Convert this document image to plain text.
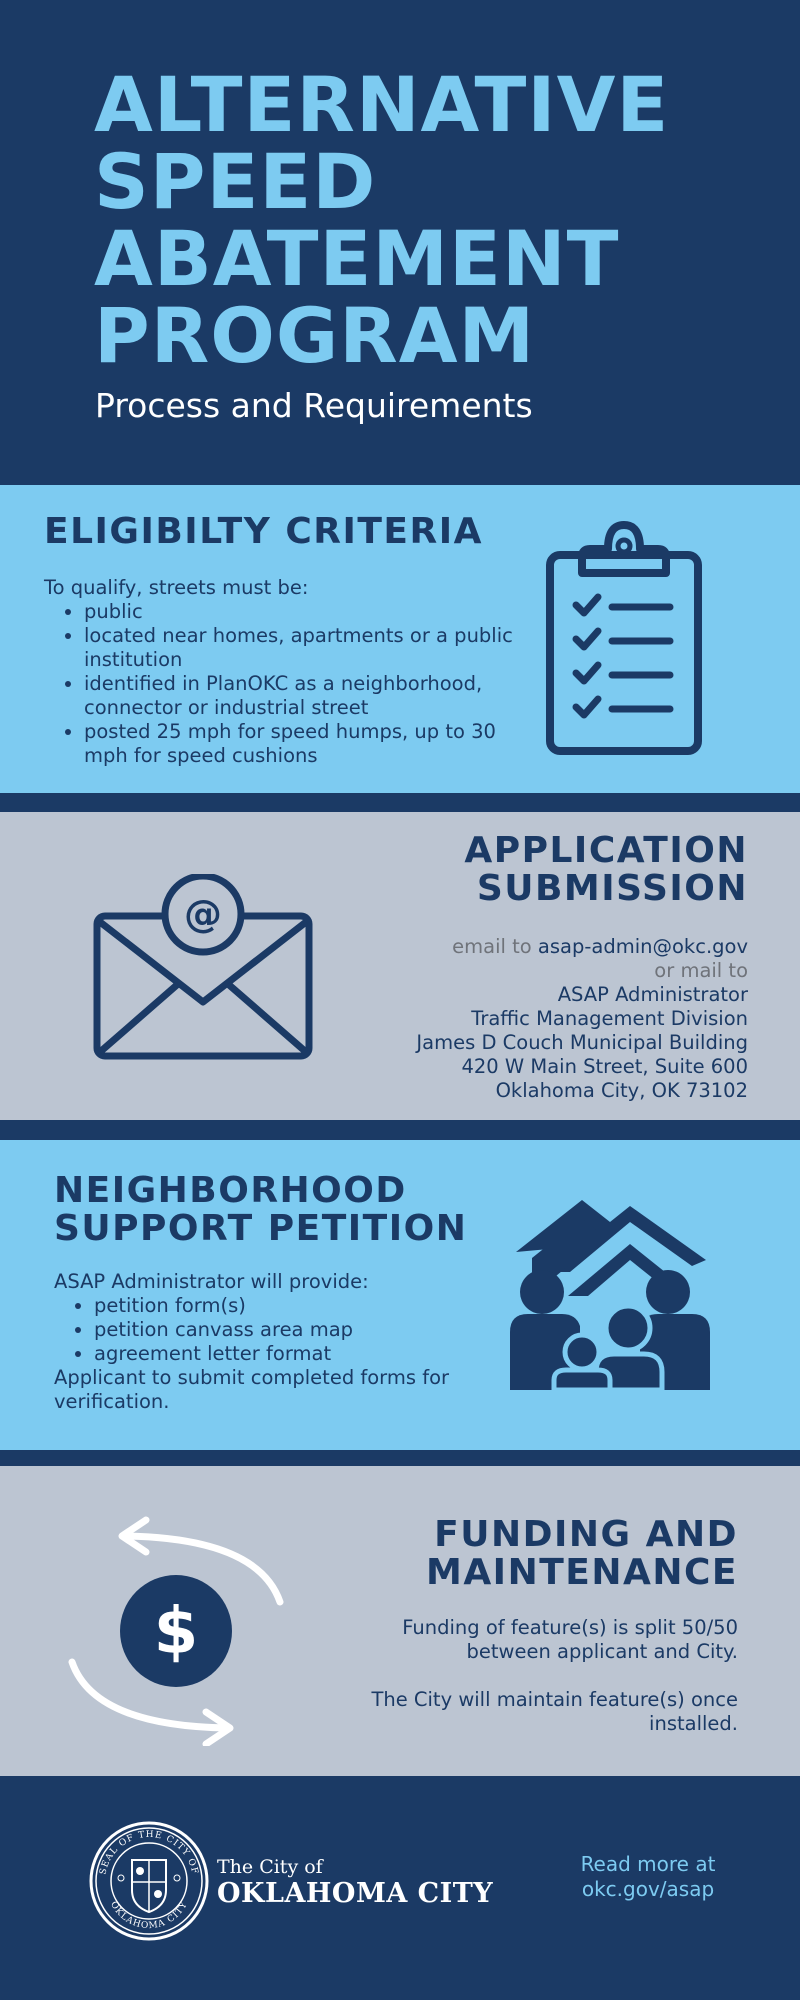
ALTERNATIVE
SPEED
ABATEMENT
PROGRAM
Process and Requirements
ELIGIBILTY CRITERIA
To qualify, streets must be:
• public
• located near homes, apartments or a public institution
• identified in PlanOKC as a neighborhood, connector or industrial street
• posted 25 mph for speed humps, up to 30 mph for speed cushions
APPLICATION
SUBMISSION
email to asap-admin@okc.gov
or mail to
ASAP Administrator
Traffic Management Division
James D Couch Municipal Building
420 W Main Street, Suite 600
Oklahoma City, OK 73102
@
NEIGHBORHOOD
SUPPORT PETITION
ASAP Administrator will provide:
• petition form(s)
• petition canvass area map
• agreement letter format
Applicant to submit completed forms for verification.
FUNDING AND
MAINTENANCE
Funding of feature(s) is split 50/50 between applicant and City.
The City will maintain feature(s) once installed.
$
SEAL OF THE CITY OF
OKLAHOMA CITY
The City of
OKLAHOMA CITY
Read more at
okc.gov/asap
